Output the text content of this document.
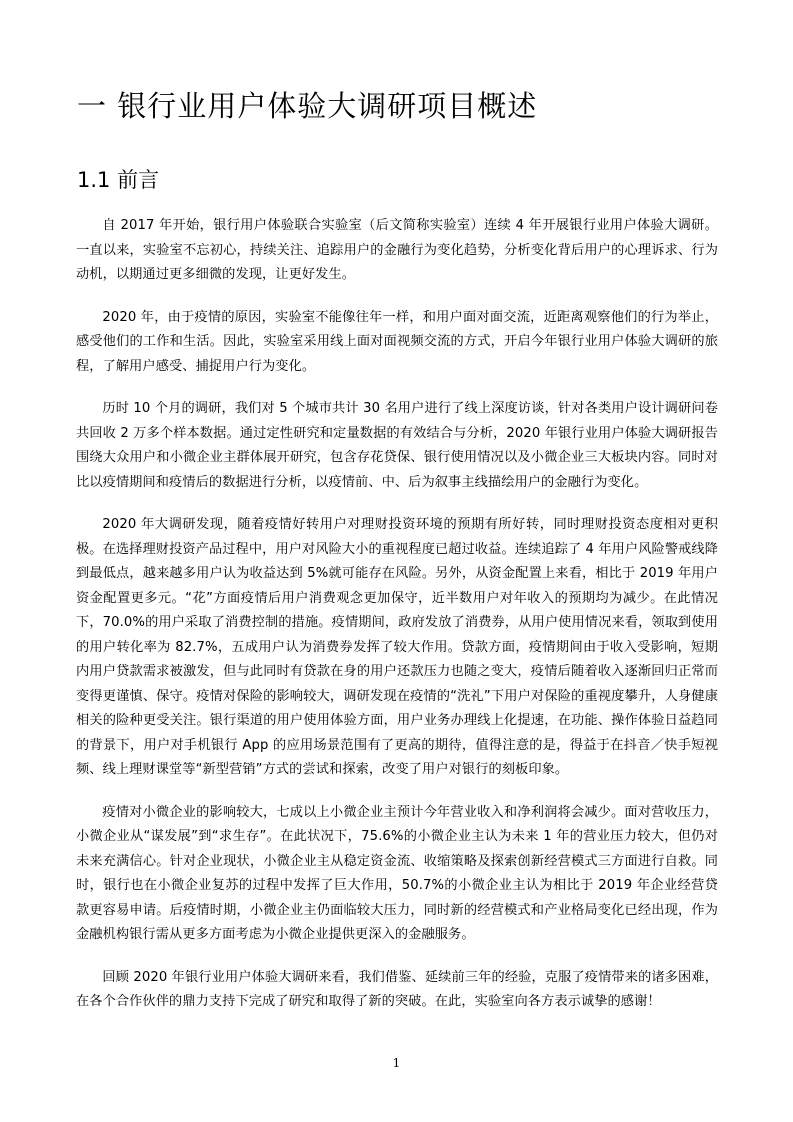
一 银行业用户体验大调研项目概述
1.1 前言

自 2017 年开始，银行用户体验联合实验室（后文简称实验室）连续 4 年开展银行业用户体验大调研。一直以来，实验室不忘初心，持续关注、追踪用户的金融行为变化趋势，分析变化背后用户的心理诉求、行为动机，以期通过更多细微的发现，让更好发生。

2020 年，由于疫情的原因，实验室不能像往年一样，和用户面对面交流，近距离观察他们的行为举止，感受他们的工作和生活。因此，实验室采用线上面对面视频交流的方式，开启今年银行业用户体验大调研的旅程，了解用户感受、捕捉用户行为变化。

历时 10 个月的调研，我们对 5 个城市共计 30 名用户进行了线上深度访谈，针对各类用户设计调研问卷共回收 2 万多个样本数据。通过定性研究和定量数据的有效结合与分析，2020 年银行业用户体验大调研报告围绕大众用户和小微企业主群体展开研究，包含存花贷保、银行使用情况以及小微企业三大板块内容。同时对比以疫情期间和疫情后的数据进行分析，以疫情前、中、后为叙事主线描绘用户的金融行为变化。

2020 年大调研发现，随着疫情好转用户对理财投资环境的预期有所好转，同时理财投资态度相对更积极。在选择理财投资产品过程中，用户对风险大小的重视程度已超过收益。连续追踪了 4 年用户风险警戒线降到最低点，越来越多用户认为收益达到 5%就可能存在风险。另外，从资金配置上来看，相比于 2019 年用户资金配置更多元。“花”方面疫情后用户消费观念更加保守，近半数用户对年收入的预期均为减少。在此情况下，70.0%的用户采取了消费控制的措施。疫情期间，政府发放了消费券，从用户使用情况来看，领取到使用的用户转化率为 82.7%，五成用户认为消费券发挥了较大作用。贷款方面，疫情期间由于收入受影响，短期内用户贷款需求被激发，但与此同时有贷款在身的用户还款压力也随之变大，疫情后随着收入逐渐回归正常而变得更谨慎、保守。疫情对保险的影响较大，调研发现在疫情的“洗礼”下用户对保险的重视度攀升，人身健康相关的险种更受关注。银行渠道的用户使用体验方面，用户业务办理线上化提速，在功能、操作体验日益趋同的背景下，用户对手机银行 App 的应用场景范围有了更高的期待，值得注意的是，得益于在抖音／快手短视频、线上理财课堂等“新型营销”方式的尝试和探索，改变了用户对银行的刻板印象。

疫情对小微企业的影响较大，七成以上小微企业主预计今年营业收入和净利润将会减少。面对营收压力，小微企业从“谋发展”到“求生存”。在此状况下，75.6%的小微企业主认为未来 1 年的营业压力较大，但仍对未来充满信心。针对企业现状，小微企业主从稳定资金流、收缩策略及探索创新经营模式三方面进行自救。同时，银行也在小微企业复苏的过程中发挥了巨大作用，50.7%的小微企业主认为相比于 2019 年企业经营贷款更容易申请。后疫情时期，小微企业主仍面临较大压力，同时新的经营模式和产业格局变化已经出现，作为金融机构银行需从更多方面考虑为小微企业提供更深入的金融服务。

回顾 2020 年银行业用户体验大调研来看，我们借鉴、延续前三年的经验，克服了疫情带来的诸多困难，在各个合作伙伴的鼎力支持下完成了研究和取得了新的突破。在此，实验室向各方表示诚挚的感谢！

1
